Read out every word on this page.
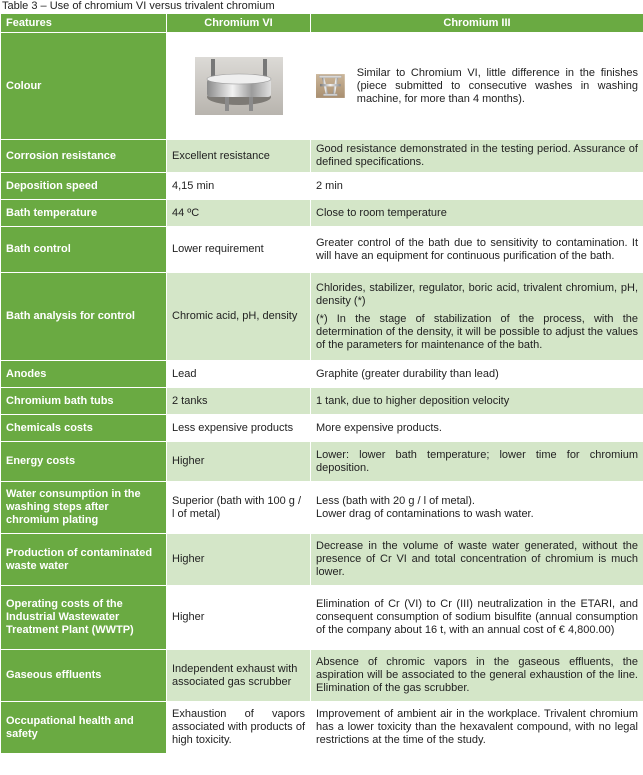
Table 3 – Use of chromium VI versus trivalent chromium
Features	Chromium VI	Chromium III
Colour		Similar to Chromium VI, little difference in the finishes (piece submitted to consecutive washes in washing machine, for more than 4 months).

Corrosion resistance	Excellent resistance	Good resistance demonstrated in the testing period. Assurance of defined specifications.
Deposition speed	4,15 min	2 min
Bath temperature	44 ºC	Close to room temperature
Bath control	Lower requirement	Greater control of the bath due to sensitivity to contamination. It will have an equipment for continuous purification of the bath.
Bath analysis for control	Chromic acid, pH, density	Chlorides, stabilizer, regulator, boric acid, trivalent chromium, pH, density (*)

(*) In the stage of stabilization of the process, with the determination of the density, it will be possible to adjust the values of the parameters for maintenance of the bath.

Anodes	Lead	Graphite (greater durability than lead)
Chromium bath tubs	2 tanks	1 tank, due to higher deposition velocity
Chemicals costs	Less expensive products	More expensive products.
Energy costs	Higher	Lower: lower bath temperature; lower time for chromium deposition.
Water consumption in the washing steps after chromium plating	Superior (bath with 100 g / l of metal)	Less (bath with 20 g / l of metal).
Lower drag of contaminations to wash water.

Production of contaminated waste water	Higher	Decrease in the volume of waste water generated, without the presence of Cr VI and total concentration of chromium is much lower.
Operating costs of the Industrial Wastewater Treatment Plant (WWTP)	Higher	Elimination of Cr (VI) to Cr (III) neutralization in the ETARI, and consequent consumption of sodium bisulfite (annual consumption of the company about 16 t, with an annual cost of € 4,800.00)
Gaseous effluents	Independent exhaust with associated gas scrubber	Absence of chromic vapors in the gaseous effluents, the aspiration will be associated to the general exhaustion of the line. Elimination of the gas scrubber.
Occupational health and safety	Exhaustion of vapors associated with products of high toxicity.	Improvement of ambient air in the workplace. Trivalent chromium has a lower toxicity than the hexavalent compound, with no legal restrictions at the time of the study.
